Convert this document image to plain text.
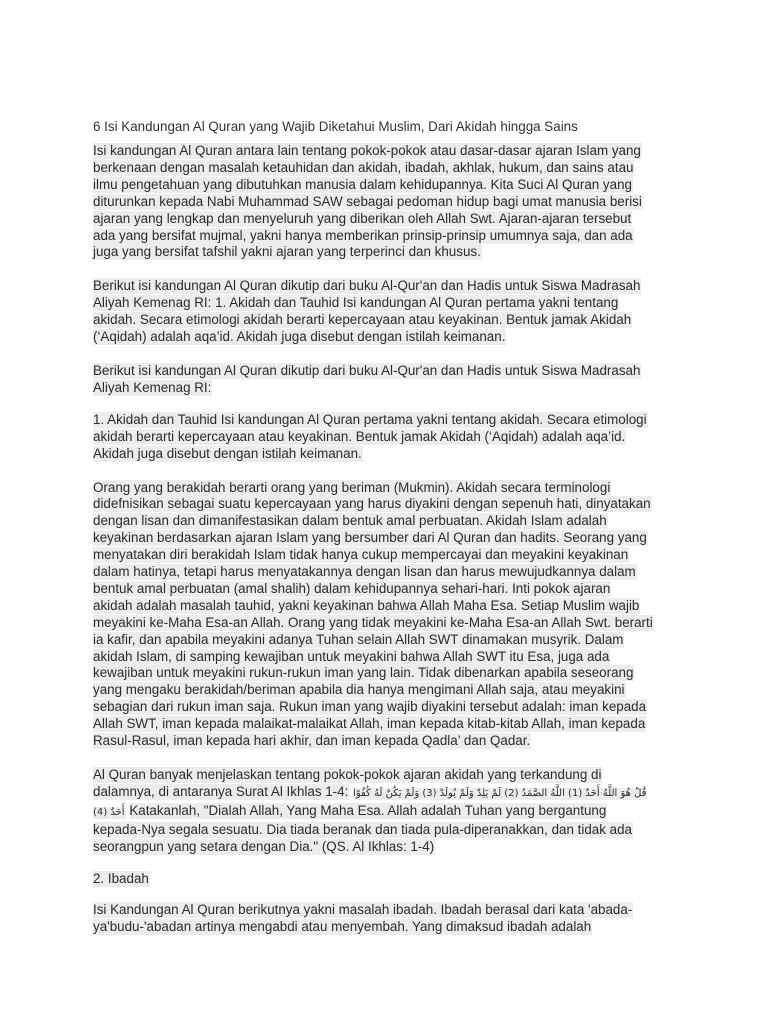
6 Isi Kandungan Al Quran yang Wajib Diketahui Muslim, Dari Akidah hingga Sains

Isi kandungan Al Quran antara lain tentang pokok-pokok atau dasar-dasar ajaran Islam yang berkenaan dengan masalah ketauhidan dan akidah, ibadah, akhlak, hukum, dan sains atau ilmu pengetahuan yang dibutuhkan manusia dalam kehidupannya. Kita Suci Al Quran yang diturunkan kepada Nabi Muhammad SAW sebagai pedoman hidup bagi umat manusia berisi ajaran yang lengkap dan menyeluruh yang diberikan oleh Allah Swt. Ajaran-ajaran tersebut ada yang bersifat mujmal, yakni hanya memberikan prinsip-prinsip umumnya saja, dan ada juga yang bersifat tafshil yakni ajaran yang terperinci dan khusus.

Berikut isi kandungan Al Quran dikutip dari buku Al-Qur'an dan Hadis untuk Siswa Madrasah Aliyah Kemenag RI: 1. Akidah dan Tauhid Isi kandungan Al Quran pertama yakni tentang akidah. Secara etimologi akidah berarti kepercayaan atau keyakinan. Bentuk jamak Akidah (‘Aqidah) adalah aqa’id. Akidah juga disebut dengan istilah keimanan.

Berikut isi kandungan Al Quran dikutip dari buku Al-Qur'an dan Hadis untuk Siswa Madrasah Aliyah Kemenag RI:

1. Akidah dan Tauhid Isi kandungan Al Quran pertama yakni tentang akidah. Secara etimologi akidah berarti kepercayaan atau keyakinan. Bentuk jamak Akidah (‘Aqidah) adalah aqa’id. Akidah juga disebut dengan istilah keimanan.

Orang yang berakidah berarti orang yang beriman (Mukmin). Akidah secara terminologi didefnisikan sebagai suatu kepercayaan yang harus diyakini dengan sepenuh hati, dinyatakan dengan lisan dan dimanifestasikan dalam bentuk amal perbuatan. Akidah Islam adalah keyakinan berdasarkan ajaran Islam yang bersumber dari Al Quran dan hadits. Seorang yang menyatakan diri berakidah Islam tidak hanya cukup mempercayai dan meyakini keyakinan dalam hatinya, tetapi harus menyatakannya dengan lisan dan harus mewujudkannya dalam bentuk amal perbuatan (amal shalih) dalam kehidupannya sehari-hari. Inti pokok ajaran akidah adalah masalah tauhid, yakni keyakinan bahwa Allah Maha Esa. Setiap Muslim wajib meyakini ke-Maha Esa-an Allah. Orang yang tidak meyakini ke-Maha Esa-an Allah Swt. berarti ia kafir, dan apabila meyakini adanya Tuhan selain Allah SWT dinamakan musyrik. Dalam akidah Islam, di samping kewajiban untuk meyakini bahwa Allah SWT itu Esa, juga ada kewajiban untuk meyakini rukun-rukun iman yang lain. Tidak dibenarkan apabila seseorang yang mengaku berakidah/beriman apabila dia hanya mengimani Allah saja, atau meyakini sebagian dari rukun iman saja. Rukun iman yang wajib diyakini tersebut adalah: iman kepada Allah SWT, iman kepada malaikat-malaikat Allah, iman kepada kitab-kitab Allah, iman kepada Rasul-Rasul, iman kepada hari akhir, dan iman kepada Qadla’ dan Qadar.

Al Quran banyak menjelaskan tentang pokok-pokok ajaran akidah yang terkandung di dalamnya, di antaranya Surat Al Ikhlas 1-4: قُلْ هُوَ اللَّهُ أَحَدٌ (1) اللَّهُ الصَّمَدُ (2) لَمْ يَلِدْ وَلَمْ يُولَدْ (3) وَلَمْ يَكُنْ لَهُ كُفُوًا أَحَدٌ (4) Katakanlah, "Dialah Allah, Yang Maha Esa. Allah adalah Tuhan yang bergantung kepada-Nya segala sesuatu. Dia tiada beranak dan tiada pula-diperanakkan, dan tidak ada seorangpun yang setara dengan Dia." (QS. Al Ikhlas: 1-4)

2. Ibadah

Isi Kandungan Al Quran berikutnya yakni masalah ibadah. Ibadah berasal dari kata 'abada-ya'budu-'abadan artinya mengabdi atau menyembah. Yang dimaksud ibadah adalah
